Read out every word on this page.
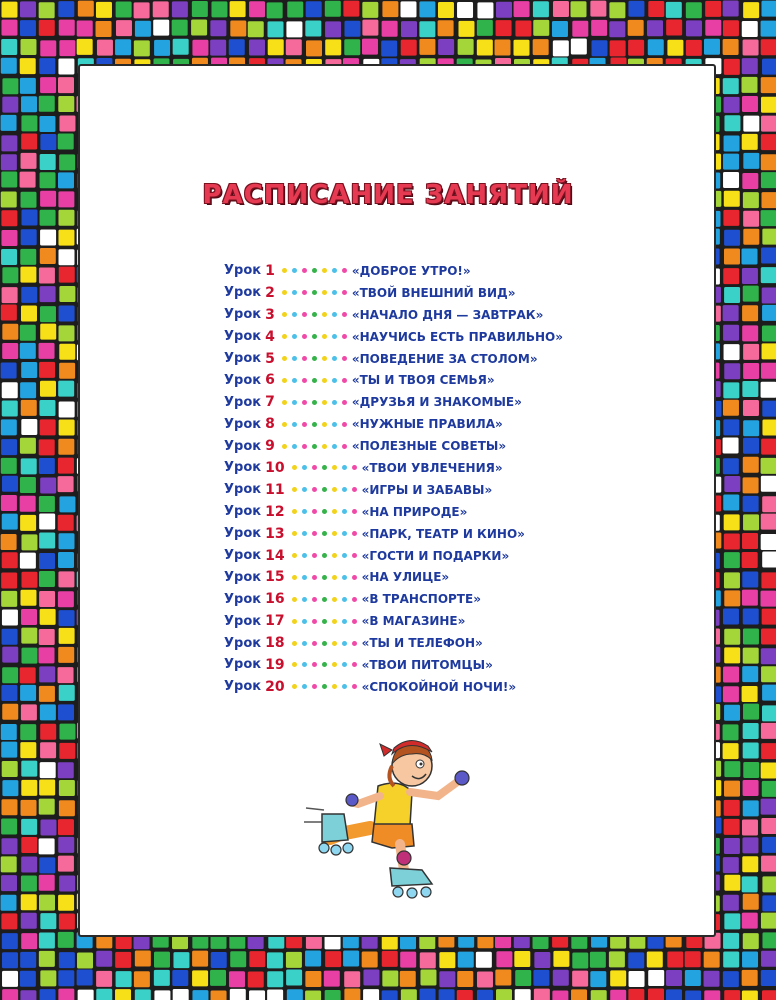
РАСПИСАНИЕ ЗАНЯТИЙ
Урок 1	«ДОБРОЕ УТРО!»
Урок 2	«ТВОЙ ВНЕШНИЙ ВИД»
Урок 3	«НАЧАЛО ДНЯ — ЗАВТРАК»
Урок 4	«НАУЧИСЬ ЕСТЬ ПРАВИЛЬНО»
Урок 5	«ПОВЕДЕНИЕ ЗА СТОЛОМ»
Урок 6	«ТЫ И ТВОЯ СЕМЬЯ»
Урок 7	«ДРУЗЬЯ И ЗНАКОМЫЕ»
Урок 8	«НУЖНЫЕ ПРАВИЛА»
Урок 9	«ПОЛЕЗНЫЕ СОВЕТЫ»
Урок 10	«ТВОИ УВЛЕЧЕНИЯ»
Урок 11	«ИГРЫ И ЗАБАВЫ»
Урок 12	«НА ПРИРОДЕ»
Урок 13	«ПАРК, ТЕАТР И КИНО»
Урок 14	«ГОСТИ И ПОДАРКИ»
Урок 15	«НА УЛИЦЕ»
Урок 16	«В ТРАНСПОРТЕ»
Урок 17	«В МАГАЗИНЕ»
Урок 18	«ТЫ И ТЕЛЕФОН»
Урок 19	«ТВОИ ПИТОМЦЫ»
Урок 20	«СПОКОЙНОЙ НОЧИ!»
